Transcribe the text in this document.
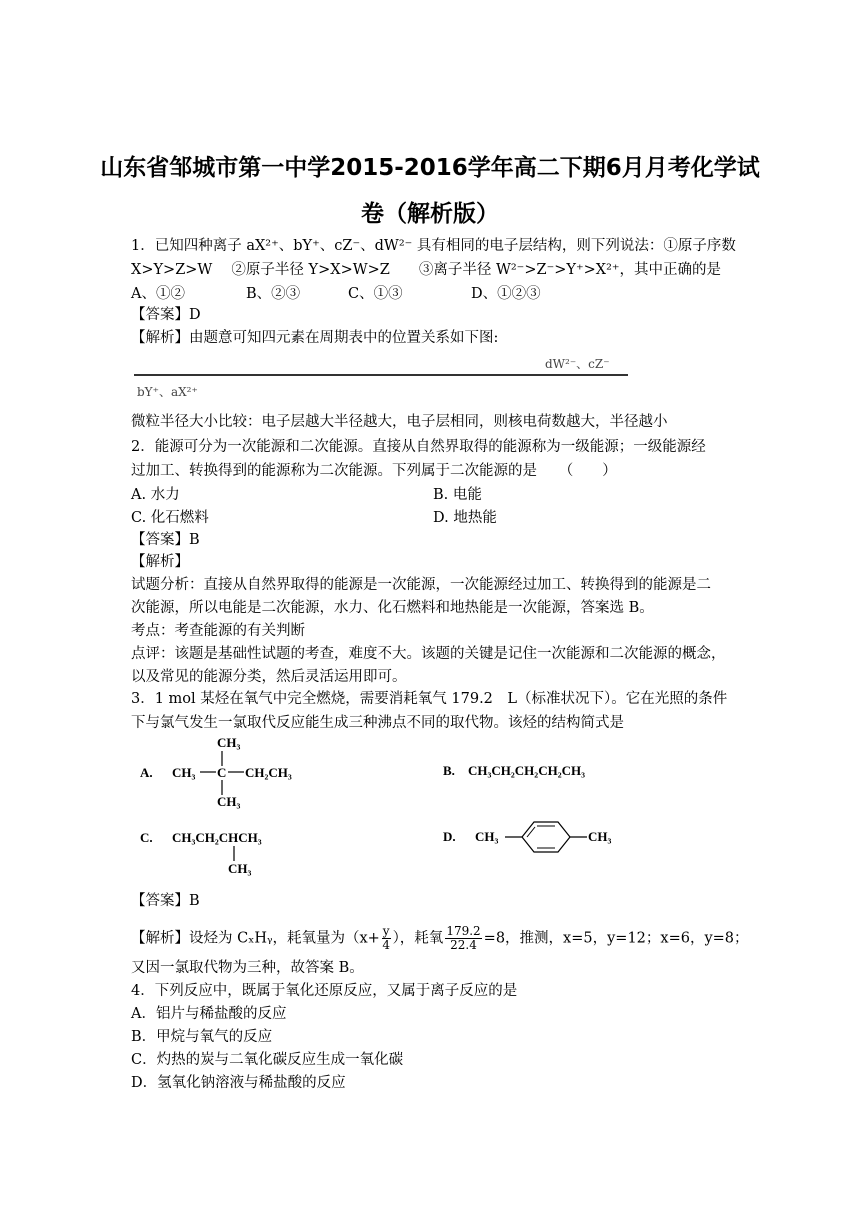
山东省邹城市第一中学2015-2016学年高二下期6月月考化学试
卷（解析版）
1．已知四种离子 aX²⁺、bY⁺、cZ⁻、dW²⁻ 具有相同的电子层结构，则下列说法：①原子序数
X>Y>Z>W　 ②原子半径 Y>X>W>Z　　③离子半径 W²⁻>Z⁻>Y⁺>X²⁺，其中正确的是
A、①②	B、②③	C、①③	D、①②③
【答案】D
【解析】由题意可知四元素在周期表中的位置关系如下图:
dW²⁻、cZ⁻
bY⁺、aX²⁺
微粒半径大小比较：电子层越大半径越大，电子层相同，则核电荷数越大，半径越小
2．能源可分为一次能源和二次能源。直接从自然界取得的能源称为一级能源；一级能源经
过加工、转换得到的能源称为二次能源。下列属于二次能源的是　　（　　）
A. 水力	B. 电能
C. 化石燃料	D. 地热能
【答案】B
【解析】
试题分析：直接从自然界取得的能源是一次能源，一次能源经过加工、转换得到的能源是二
次能源，所以电能是二次能源，水力、化石燃料和地热能是一次能源，答案选 B。
考点：考查能源的有关判断
点评：该题是基础性试题的考查，难度不大。该题的关键是记住一次能源和二次能源的概念，
以及常见的能源分类，然后灵活运用即可。
3．1 mol 某烃在氧气中完全燃烧，需要消耗氧气 179.2　L（标准状况下）。它在光照的条件
下与氯气发生一氯取代反应能生成三种沸点不同的取代物。该烃的结构简式是
A.
CH₃
CH₃ C CH₂CH₃
CH₃
B. CH₃CH₂CH₂CH₂CH₃
C. CH₃CH₂CHCH₃
CH₃
D. CH₃	CH₃
【答案】B
【解析】设烃为 CₓHᵧ，耗氧量为（$x+ \frac{y}{4}$ ），耗氧 $\frac{179.2}{22.4} =8$，推测，x=5，y=12；x=6，y=8；
又因一氯取代物为三种，故答案 B。
4．下列反应中，既属于氧化还原反应，又属于离子反应的是
A．铝片与稀盐酸的反应
B．甲烷与氧气的反应
C．灼热的炭与二氧化碳反应生成一氧化碳
D．氢氧化钠溶液与稀盐酸的反应
